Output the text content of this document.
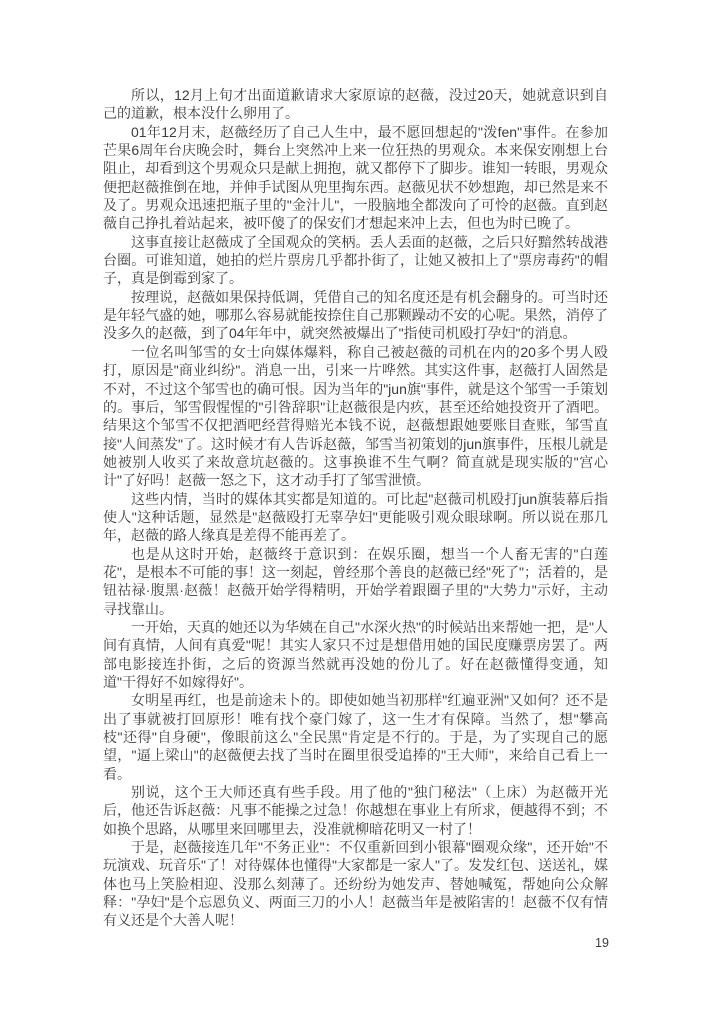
所以，12月上旬才出面道歉请求大家原谅的赵薇，没过20天，她就意识到自己的道歉，根本没什么卵用了。

01年12月末，赵薇经历了自己人生中，最不愿回想起的"泼fen"事件。在参加芒果6周年台庆晚会时，舞台上突然冲上来一位狂热的男观众。本来保安刚想上台阻止，却看到这个男观众只是献上拥抱，就又都停下了脚步。谁知一转眼，男观众便把赵薇推倒在地，并伸手试图从兜里掏东西。赵薇见状不妙想跑，却已然是来不及了。男观众迅速把瓶子里的"金汁儿"，一股脑地全都泼向了可怜的赵薇。直到赵薇自己挣扎着站起来，被吓傻了的保安们才想起来冲上去，但也为时已晚了。

这事直接让赵薇成了全国观众的笑柄。丢人丢面的赵薇，之后只好黯然转战港台圈。可谁知道，她拍的烂片票房几乎都扑街了，让她又被扣上了"票房毒药"的帽子，真是倒霉到家了。

按理说，赵薇如果保持低调，凭借自己的知名度还是有机会翻身的。可当时还是年轻气盛的她，哪那么容易就能按捺住自己那颗躁动不安的心呢。果然，消停了没多久的赵薇，到了04年年中，就突然被爆出了"指使司机殴打孕妇"的消息。

一位名叫邹雪的女士向媒体爆料，称自己被赵薇的司机在内的20多个男人殴打，原因是"商业纠纷"。消息一出，引来一片哗然。其实这件事，赵薇打人固然是不对，不过这个邹雪也的确可恨。因为当年的"jun旗"事件，就是这个邹雪一手策划的。事后，邹雪假惺惺的"引咎辞职"让赵薇很是内疚，甚至还给她投资开了酒吧。结果这个邹雪不仅把酒吧经营得赔光本钱不说，赵薇想跟她要账目查账，邹雪直接"人间蒸发"了。这时候才有人告诉赵薇，邹雪当初策划的jun旗事件，压根儿就是她被别人收买了来故意坑赵薇的。这事换谁不生气啊？简直就是现实版的"宫心计"了好吗！赵薇一怒之下，这才动手打了邹雪泄愤。

这些内情，当时的媒体其实都是知道的。可比起"赵薇司机殴打jun旗装幕后指使人"这种话题，显然是"赵薇殴打无辜孕妇"更能吸引观众眼球啊。所以说在那几年，赵薇的路人缘真是差得不能再差了。

也是从这时开始，赵薇终于意识到：在娱乐圈，想当一个人畜无害的"白莲花"，是根本不可能的事！这一刻起，曾经那个善良的赵薇已经"死了"；活着的，是钮祜禄·腹黑·赵薇！赵薇开始学得精明，开始学着跟圈子里的"大势力"示好，主动寻找靠山。

一开始，天真的她还以为华姨在自己"水深火热"的时候站出来帮她一把，是"人间有真情，人间有真爱"呢！其实人家只不过是想借用她的国民度赚票房罢了。两部电影接连扑街，之后的资源当然就再没她的份儿了。好在赵薇懂得变通，知道"干得好不如嫁得好"。

女明星再红，也是前途未卜的。即使如她当初那样"红遍亚洲"又如何？还不是出了事就被打回原形！唯有找个豪门嫁了，这一生才有保障。当然了，想"攀高枝"还得"自身硬"，像眼前这么"全民黑"肯定是不行的。于是，为了实现自己的愿望，"逼上梁山"的赵薇便去找了当时在圈里很受追捧的"王大师"，来给自己看上一看。

别说，这个王大师还真有些手段。用了他的"独门秘法"（上床）为赵薇开光后，他还告诉赵薇：凡事不能操之过急！你越想在事业上有所求，便越得不到；不如换个思路，从哪里来回哪里去，没准就柳暗花明又一村了！

于是，赵薇接连几年"不务正业"：不仅重新回到小银幕"圈观众缘"，还开始"不玩演戏、玩音乐"了！对待媒体也懂得"大家都是一家人"了。发发红包、送送礼，媒体也马上笑脸相迎、没那么刻薄了。还纷纷为她发声、替她喊冤，帮她向公众解释："孕妇"是个忘恩负义、两面三刀的小人！赵薇当年是被陷害的！赵薇不仅有情有义还是个大善人呢！

19
